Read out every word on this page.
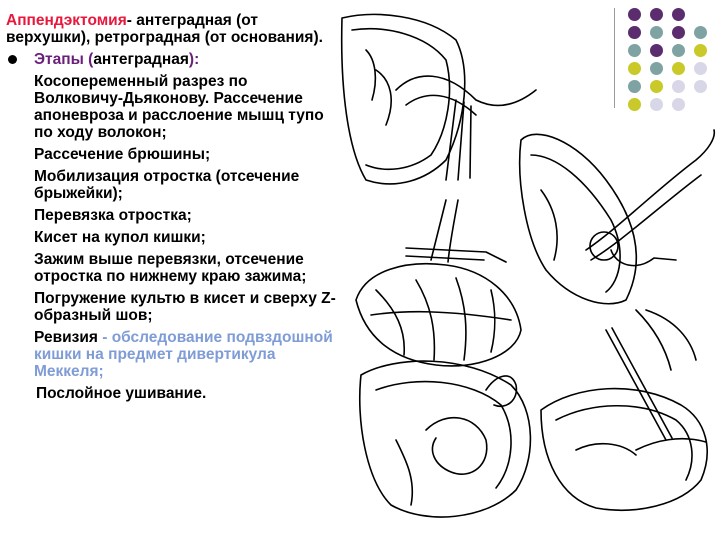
Аппендэктомия- антеградная (от верхушки), ретроградная (от основания).

Этапы (антеградная):

Косопеременный разрез по Волковичу-Дьяконову. Рассечение апоневроза и расслоение мышц тупо по ходу волокон;

Рассечение брюшины;

Мобилизация отростка (отсечение брыжейки);

Перевязка отростка;

Кисет на купол кишки;

Зажим выше перевязки, отсечение отростка по нижнему краю зажима;

Погружение культю в кисет и сверху Z-образный шов;

Ревизия - обследование подвздошной кишки на предмет дивертикула Меккеля;

Послойное ушивание.
